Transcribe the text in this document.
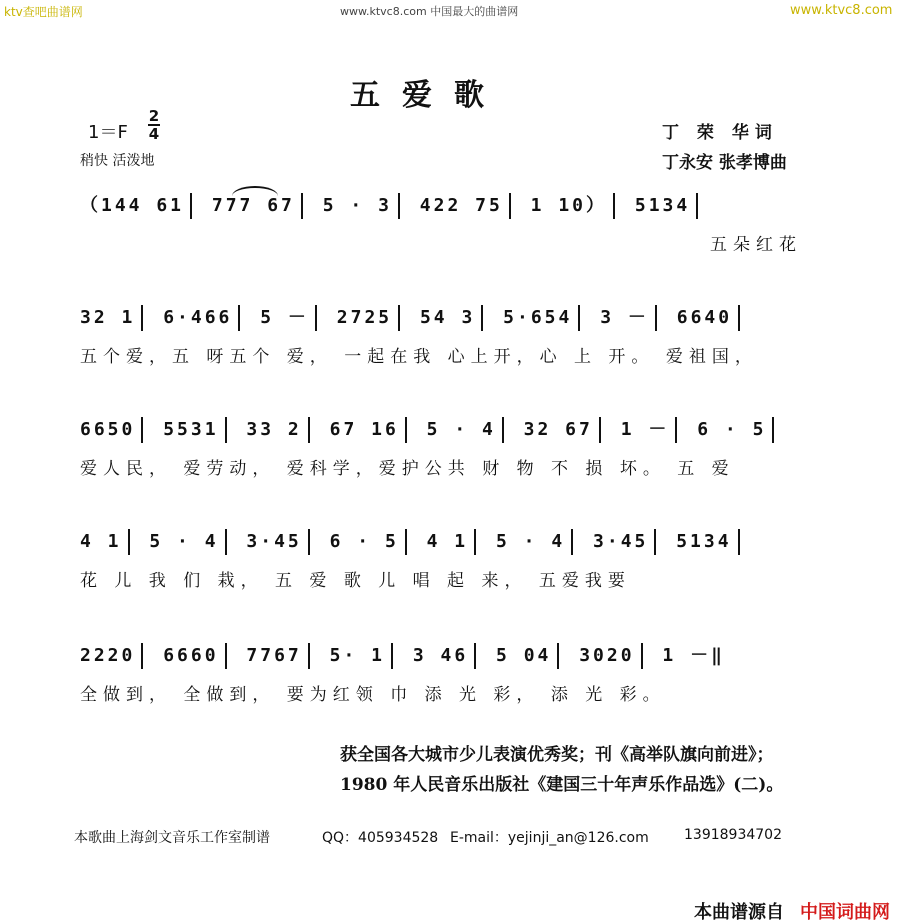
ktv查吧曲谱网	www.ktvc8.com 中国最大的曲谱网	www.ktvc8.com
五爱歌
1＝F
2
4
稍快 活泼地
丁 荣 华词
丁永安 张孝博曲
（144 61 777 67 5 · 3 422 75 1 10） 5134
五朵红花
32 1 6·466 5 － 2725 54 3 5·654 3 － 6640
五个爱，五 呀五个 爱， 一起在我 心上开，心 上 开。 爱祖国，
6650 5531 33 2 67 16 5 · 4 32 67 1 － 6 · 5
爱人民， 爱劳动， 爱科学，爱护公共 财 物 不 损 坏。 五 爱
4 1 5 · 4 3·45 6 · 5 4 1 5 · 4 3·45 5134
花 儿 我 们 栽， 五 爱 歌 儿 唱 起 来， 五爱我要
2220 6660 7767 5· 1 3 46 5 04 3020 1 －‖
全做到， 全做到， 要为红领 巾 添 光 彩， 添 光 彩。
获全国各大城市少儿表演优秀奖；刊《高举队旗向前进》；
1980 年人民音乐出版社《建国三十年声乐作品选》(二)。
本歌曲上海剑文音乐工作室制谱	QQ：405934528 E-mail：yejinji_an@126.com	13918934702
本曲谱源自 中国词曲网
